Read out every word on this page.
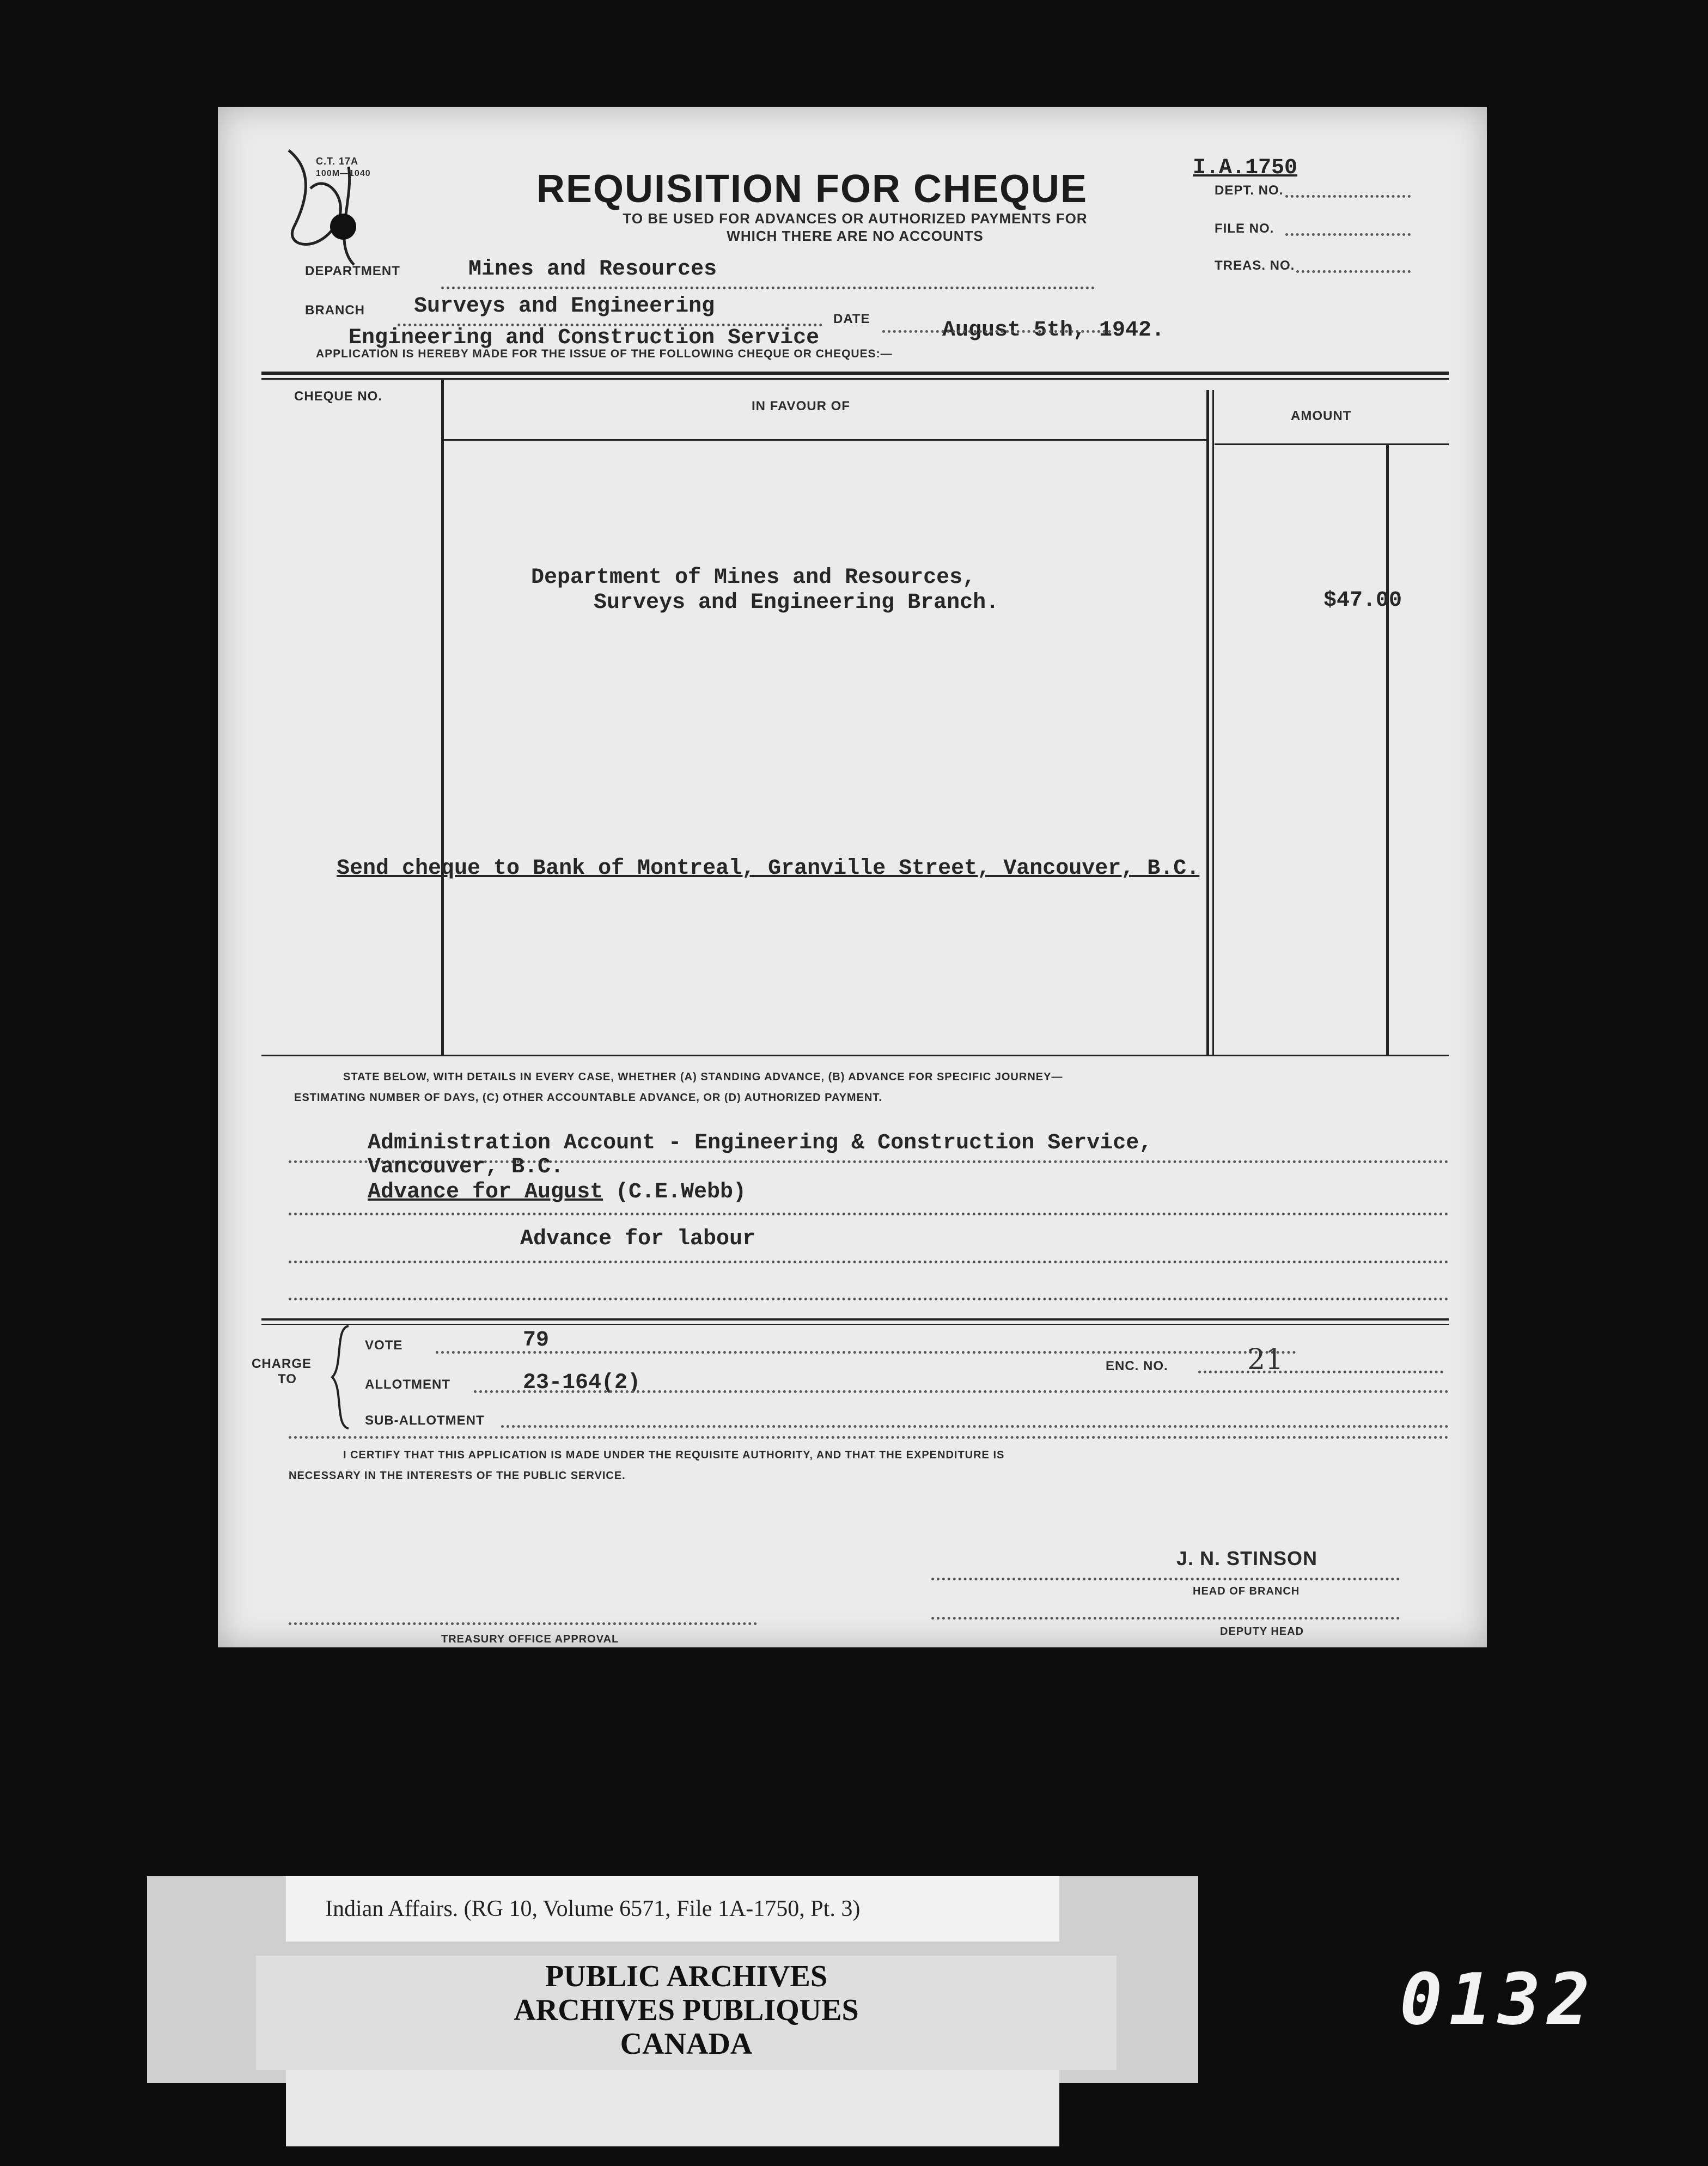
C.T. 17A
100M—1040	REQUISITION FOR CHEQUE
TO BE USED FOR ADVANCES OR AUTHORIZED PAYMENTS FOR
WHICH THERE ARE NO ACCOUNTS
I.A.1750
DEPT. NO.
FILE NO.
TREAS. NO.
DEPARTMENT	Mines and Resources
BRANCH Surveys and Engineering
DATE	August 5th, 1942.
Engineering and Construction Service
APPLICATION IS HEREBY MADE FOR THE ISSUE OF THE FOLLOWING CHEQUE OR CHEQUES:—
CHEQUE NO.
IN FAVOUR OF
AMOUNT
Department of Mines and Resources,
Surveys and Engineering Branch.	$47.00
Send cheque to Bank of Montreal, Granville Street, Vancouver, B.C.
STATE BELOW, WITH DETAILS IN EVERY CASE, WHETHER (A) STANDING ADVANCE, (B) ADVANCE FOR SPECIFIC JOURNEY—
ESTIMATING NUMBER OF DAYS, (C) OTHER ACCOUNTABLE ADVANCE, OR (D) AUTHORIZED PAYMENT.
Administration Account - Engineering & Construction Service,
Vancouver, B.C.
Advance for August (C.E.Webb)
Advance for labour
CHARGE
TO
VOTE	79
ENC. NO.	21
ALLOTMENT	23-164(2)
SUB-ALLOTMENT
I CERTIFY THAT THIS APPLICATION IS MADE UNDER THE REQUISITE AUTHORITY, AND THAT THE EXPENDITURE IS
NECESSARY IN THE INTERESTS OF THE PUBLIC SERVICE.
J. N. STINSON
HEAD OF BRANCH
TREASURY OFFICE APPROVAL
DEPUTY HEAD
Indian Affairs. (RG 10, Volume 6571, File 1A-1750, Pt. 3)
PUBLIC ARCHIVES
ARCHIVES PUBLIQUES
CANADA
0132
